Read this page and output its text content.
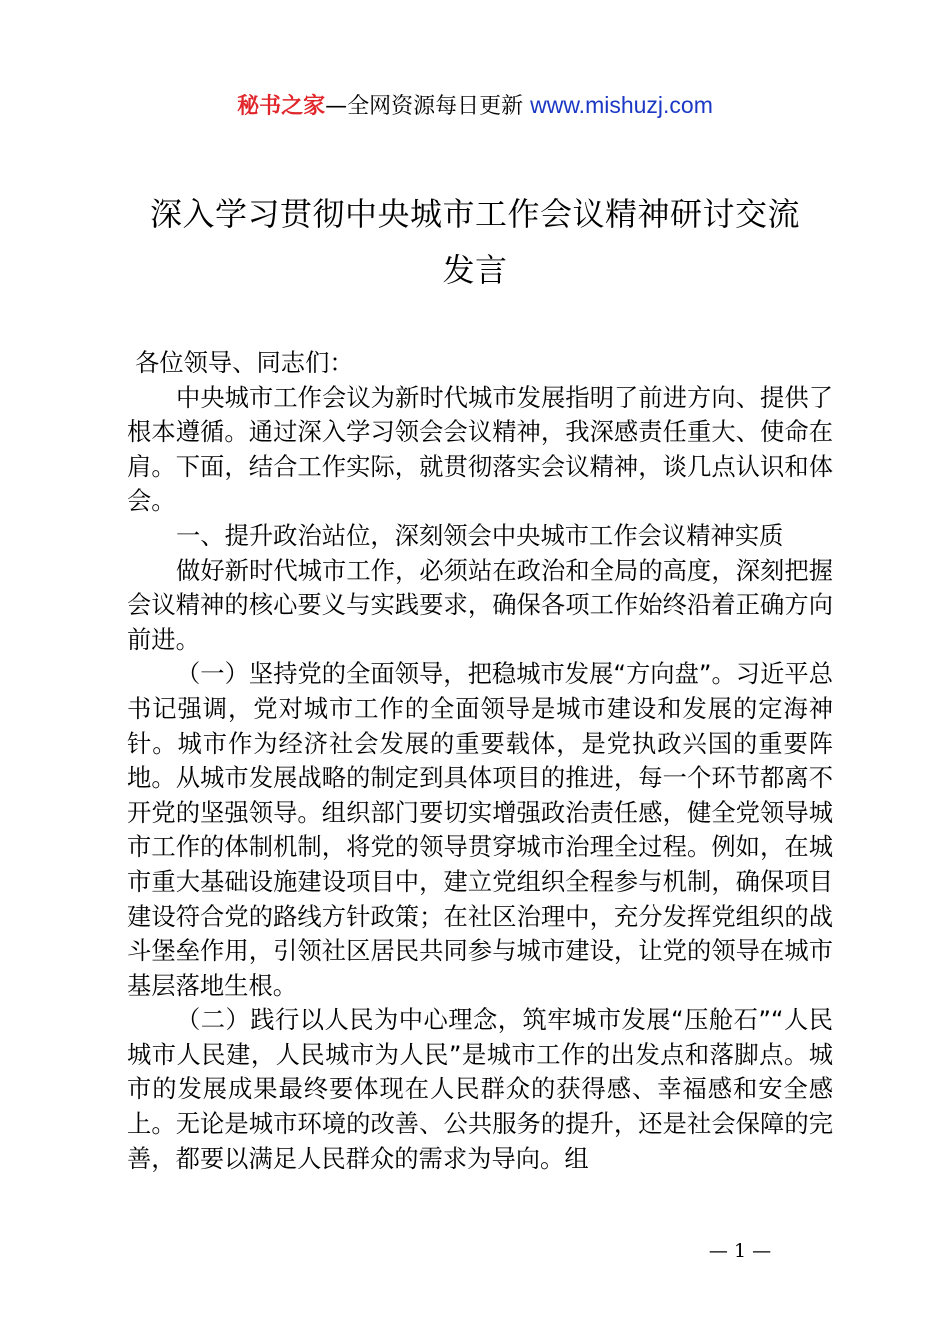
秘书之家—全网资源每日更新 www.mishuzj.com
深入学习贯彻中央城市工作会议精神研讨交流
发言

各位领导、同志们：

中央城市工作会议为新时代城市发展指明了前进方向、提供了根本遵循。通过深入学习领会会议精神，我深感责任重大、使命在肩。下面，结合工作实际，就贯彻落实会议精神，谈几点认识和体会。

一、提升政治站位，深刻领会中央城市工作会议精神实质

做好新时代城市工作，必须站在政治和全局的高度，深刻把握会议精神的核心要义与实践要求，确保各项工作始终沿着正确方向前进。

（一）坚持党的全面领导，把稳城市发展“方向盘”。习近平总书记强调，党对城市工作的全面领导是城市建设和发展的定海神针。城市作为经济社会发展的重要载体，是党执政兴国的重要阵地。从城市发展战略的制定到具体项目的推进，每一个环节都离不开党的坚强领导。组织部门要切实增强政治责任感，健全党领导城市工作的体制机制，将党的领导贯穿城市治理全过程。例如，在城市重大基础设施建设项目中，建立党组织全程参与机制，确保项目建设符合党的路线方针政策；在社区治理中，充分发挥党组织的战斗堡垒作用，引领社区居民共同参与城市建设，让党的领导在城市基层落地生根。

（二）践行以人民为中心理念，筑牢城市发展“压舱石”“人民城市人民建，人民城市为人民”是城市工作的出发点和落脚点。城市的发展成果最终要体现在人民群众的获得感、幸福感和安全感上。无论是城市环境的改善、公共服务的提升，还是社会保障的完善，都要以满足人民群众的需求为导向。组

— 1 —
